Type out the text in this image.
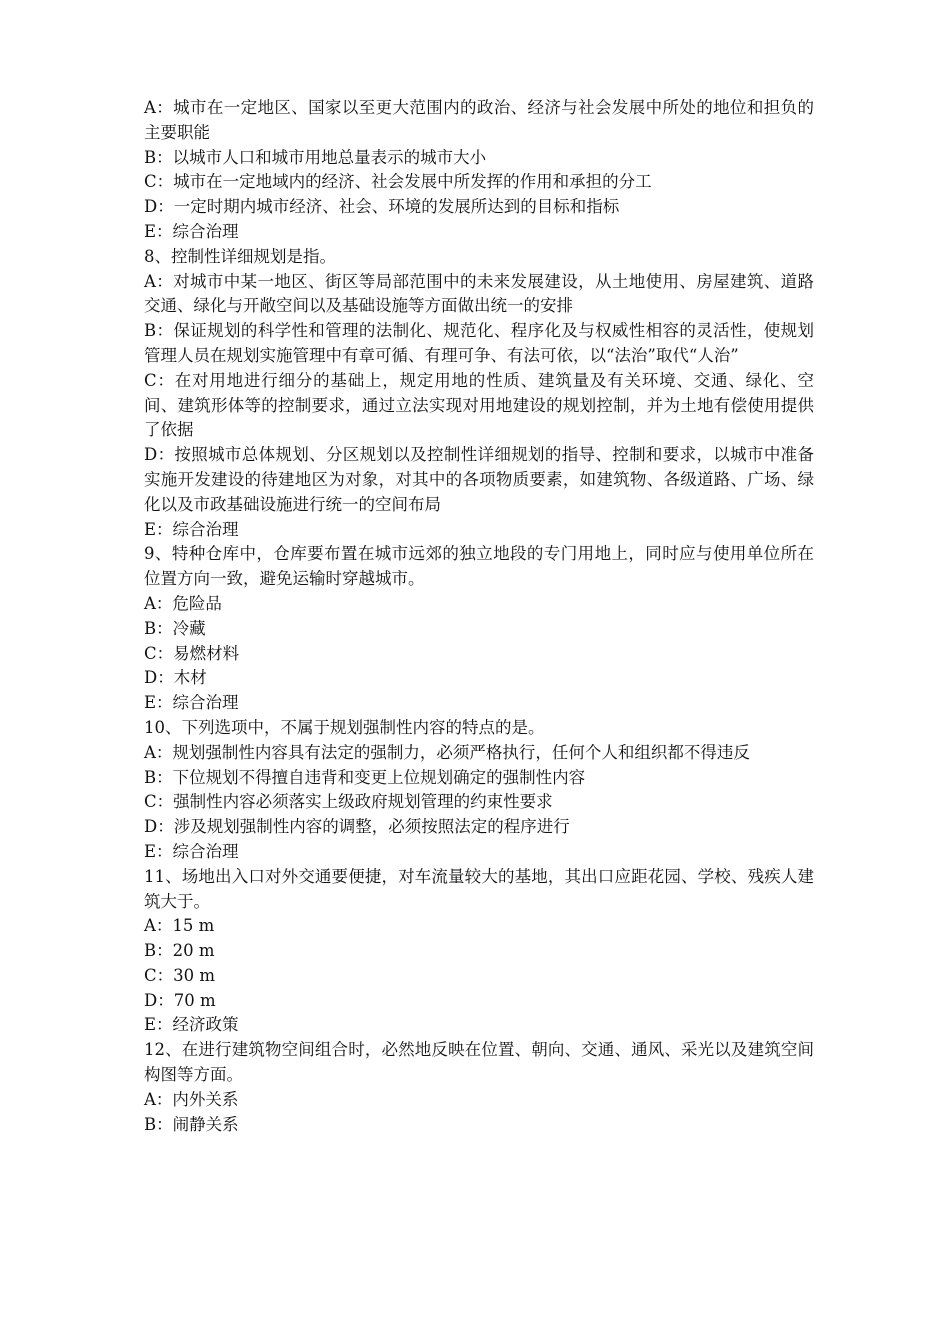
A：城市在一定地区、国家以至更大范围内的政治、经济与社会发展中所处的地位和担负的主要职能

B：以城市人口和城市用地总量表示的城市大小

C：城市在一定地域内的经济、社会发展中所发挥的作用和承担的分工

D：一定时期内城市经济、社会、环境的发展所达到的目标和指标

E：综合治理

8、控制性详细规划是指。

A：对城市中某一地区、街区等局部范围中的未来发展建设，从土地使用、房屋建筑、道路交通、绿化与开敞空间以及基础设施等方面做出统一的安排

B：保证规划的科学性和管理的法制化、规范化、程序化及与权威性相容的灵活性，使规划管理人员在规划实施管理中有章可循、有理可争、有法可依，以“法治”取代“人治”

C：在对用地进行细分的基础上，规定用地的性质、建筑量及有关环境、交通、绿化、空间、建筑形体等的控制要求，通过立法实现对用地建设的规划控制，并为土地有偿使用提供了依据

D：按照城市总体规划、分区规划以及控制性详细规划的指导、控制和要求，以城市中准备实施开发建设的待建地区为对象，对其中的各项物质要素，如建筑物、各级道路、广场、绿化以及市政基础设施进行统一的空间布局

E：综合治理

9、特种仓库中，仓库要布置在城市远郊的独立地段的专门用地上，同时应与使用单位所在位置方向一致，避免运输时穿越城市。

A：危险品

B：冷藏

C：易燃材料

D：木材

E：综合治理

10、下列选项中，不属于规划强制性内容的特点的是。

A：规划强制性内容具有法定的强制力，必须严格执行，任何个人和组织都不得违反

B：下位规划不得擅自违背和变更上位规划确定的强制性内容

C：强制性内容必须落实上级政府规划管理的约束性要求

D：涉及规划强制性内容的调整，必须按照法定的程序进行

E：综合治理

11、场地出入口对外交通要便捷，对车流量较大的基地，其出口应距花园、学校、残疾人建筑大于。

A：15 m

B：20 m

C：30 m

D：70 m

E：经济政策

12、在进行建筑物空间组合时，必然地反映在位置、朝向、交通、通风、采光以及建筑空间构图等方面。

A：内外关系

B：闹静关系
